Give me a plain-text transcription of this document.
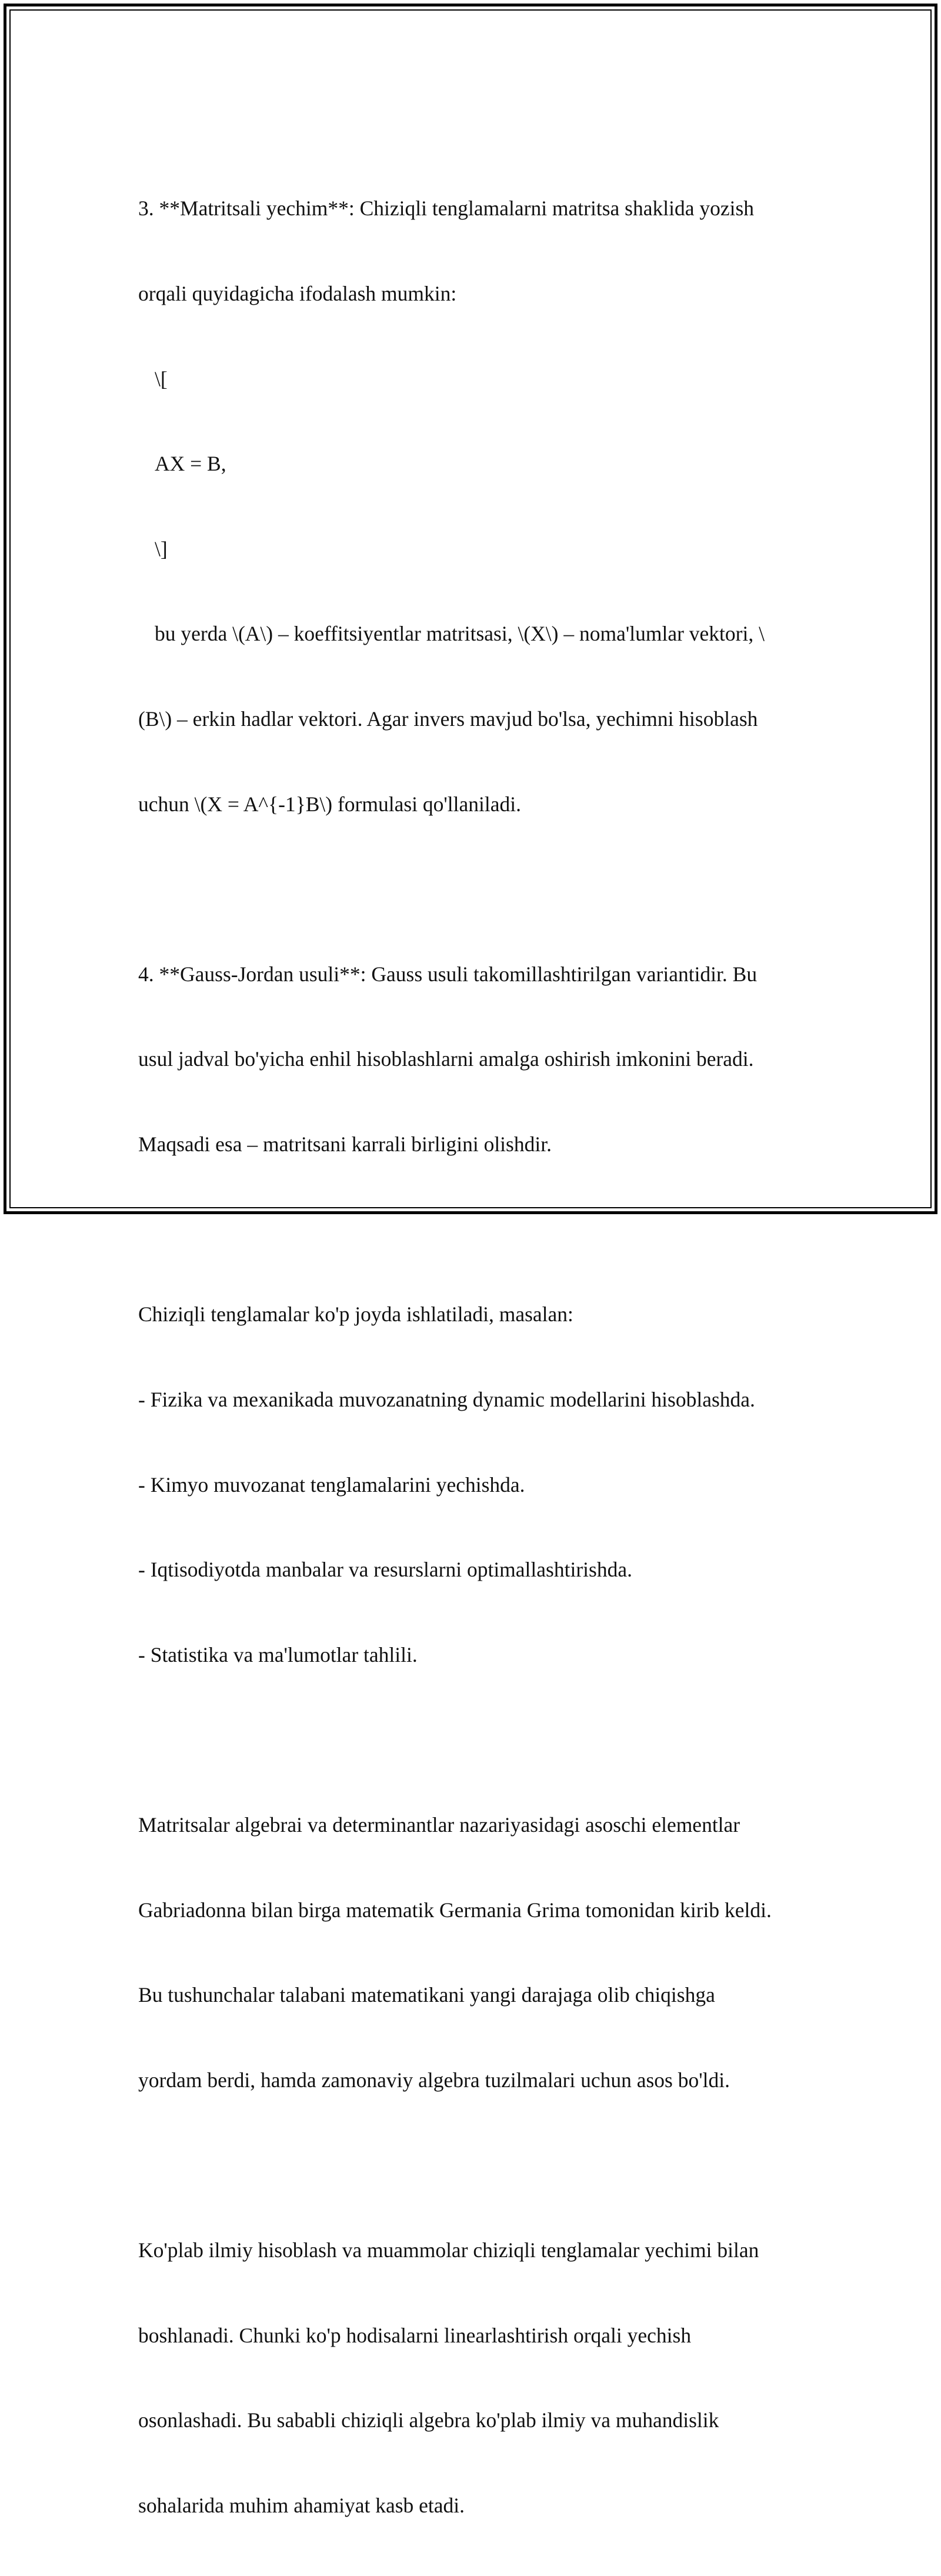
3. **Matritsali yechim**: Chiziqli tenglamalarni matritsa shaklida yozish

orqali quyidagicha ifodalash mumkin:

\[

AX = B,

\]

bu yerda \(A\) – koeffitsiyentlar matritsasi, \(X\) – noma'lumlar vektori, \

(B\) – erkin hadlar vektori. Agar invers mavjud bo'lsa, yechimni hisoblash

uchun \(X = A^{-1}B\) formulasi qo'llaniladi.

4. **Gauss-Jordan usuli**: Gauss usuli takomillashtirilgan variantidir. Bu

usul jadval bo'yicha enhil hisoblashlarni amalga oshirish imkonini beradi.

Maqsadi esa – matritsani karrali birligini olishdir.

Chiziqli tenglamalar ko'p joyda ishlatiladi, masalan:

- Fizika va mexanikada muvozanatning dynamic modellarini hisoblashda.

- Kimyo muvozanat tenglamalarini yechishda.

- Iqtisodiyotda manbalar va resurslarni optimallashtirishda.

- Statistika va ma'lumotlar tahlili.

Matritsalar algebrai va determinantlar nazariyasidagi asoschi elementlar

Gabriadonna bilan birga matematik Germania Grima tomonidan kirib keldi.

Bu tushunchalar talabani matematikani yangi darajaga olib chiqishga

yordam berdi, hamda zamonaviy algebra tuzilmalari uchun asos bo'ldi.

Ko'plab ilmiy hisoblash va muammolar chiziqli tenglamalar yechimi bilan

boshlanadi. Chunki ko'p hodisalarni linearlashtirish orqali yechish

osonlashadi. Bu sababli chiziqli algebra ko'plab ilmiy va muhandislik

sohalarida muhim ahamiyat kasb etadi.
